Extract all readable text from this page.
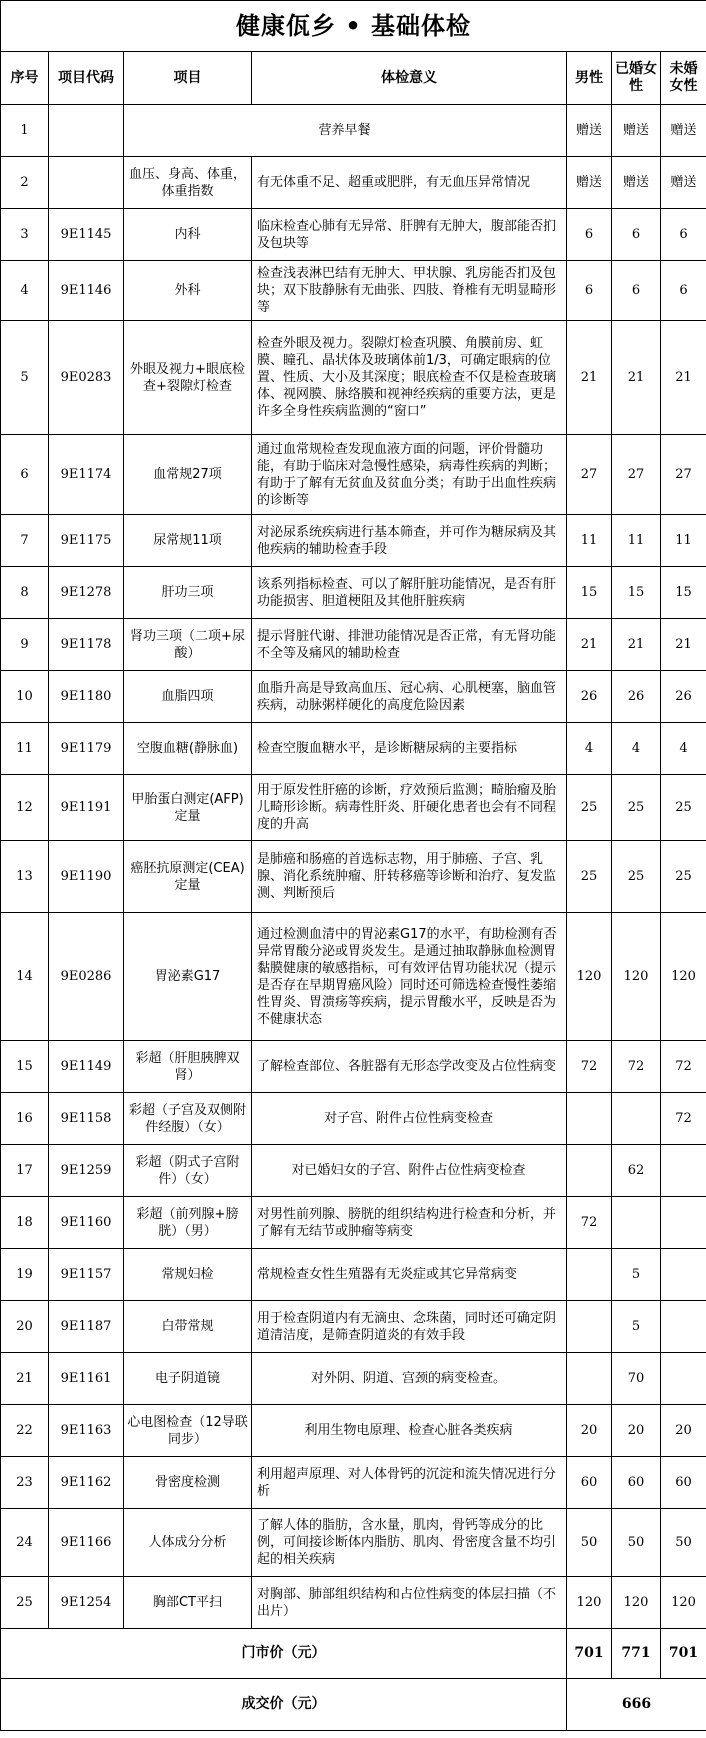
健康佤乡 • 基础体检						
序号	项目代码	项目	体检意义	男性	已婚女性	未婚女性
1		营养早餐		赠送	赠送	赠送
2		血压、身高、体重，体重指数	有无体重不足、超重或肥胖，有无血压异常情况	赠送	赠送	赠送
3	9E1145	内科	临床检查心肺有无异常、肝脾有无肿大，腹部能否扪及包块等	6	6	6
4	9E1146	外科	检查浅表淋巴结有无肿大、甲状腺、乳房能否扪及包块；双下肢静脉有无曲张、四肢、脊椎有无明显畸形等	6	6	6
5	9E0283	外眼及视力+眼底检查+裂隙灯检查	检查外眼及视力。裂隙灯检查巩膜、角膜前房、虹膜、瞳孔、晶状体及玻璃体前1/3，可确定眼病的位置、性质、大小及其深度；眼底检查不仅是检查玻璃体、视网膜、脉络膜和视神经疾病的重要方法，更是许多全身性疾病监测的“窗口”	21	21	21
6	9E1174	血常规27项	通过血常规检查发现血液方面的问题，评价骨髓功能，有助于临床对急慢性感染，病毒性疾病的判断；有助于了解有无贫血及贫血分类；有助于出血性疾病的诊断等	27	27	27
7	9E1175	尿常规11项	对泌尿系统疾病进行基本筛查，并可作为糖尿病及其他疾病的辅助检查手段	11	11	11
8	9E1278	肝功三项	该系列指标检查、可以了解肝脏功能情况，是否有肝功能损害、胆道梗阻及其他肝脏疾病	15	15	15
9	9E1178	肾功三项（二项+尿酸）	提示肾脏代谢、排泄功能情况是否正常，有无肾功能不全等及痛风的辅助检查	21	21	21
10	9E1180	血脂四项	血脂升高是导致高血压、冠心病、心肌梗塞，脑血管疾病，动脉粥样硬化的高度危险因素	26	26	26
11	9E1179	空腹血糖(静脉血)	检查空腹血糖水平，是诊断糖尿病的主要指标	4	4	4
12	9E1191	甲胎蛋白测定(AFP)定量	用于原发性肝癌的诊断，疗效预后监测；畸胎瘤及胎儿畸形诊断。病毒性肝炎、肝硬化患者也会有不同程度的升高	25	25	25
13	9E1190	癌胚抗原测定(CEA)定量	是肺癌和肠癌的首选标志物，用于肺癌、子宫、乳腺、消化系统肿瘤、肝转移癌等诊断和治疗、复发监测、判断预后	25	25	25
14	9E0286	胃泌素G17	通过检测血清中的胃泌素G17的水平，有助检测有否异常胃酸分泌或胃炎发生。是通过抽取静脉血检测胃黏膜健康的敏感指标，可有效评估胃功能状况（提示是否存在早期胃癌风险）同时还可筛选检查慢性萎缩性胃炎、胃溃疡等疾病，提示胃酸水平，反映是否为不健康状态	120	120	120
15	9E1149	彩超（肝胆胰脾双肾）	了解检查部位、各脏器有无形态学改变及占位性病变	72	72	72
16	9E1158	彩超（子宫及双侧附件经腹）（女）	对子宫、附件占位性病变检查			72
17	9E1259	彩超（阴式子宫附件）（女）	对已婚妇女的子宫、附件占位性病变检查		62	
18	9E1160	彩超（前列腺+膀胱）（男）	对男性前列腺、膀胱的组织结构进行检查和分析，并了解有无结节或肿瘤等病变	72		
19	9E1157	常规妇检	常规检查女性生殖器有无炎症或其它异常病变		5	
20	9E1187	白带常规	用于检查阴道内有无滴虫、念珠菌，同时还可确定阴道清洁度，是筛查阴道炎的有效手段		5	
21	9E1161	电子阴道镜	对外阴、阴道、宫颈的病变检查。		70	
22	9E1163	心电图检查（12导联同步）	利用生物电原理、检查心脏各类疾病	20	20	20
23	9E1162	骨密度检测	利用超声原理、对人体骨钙的沉淀和流失情况进行分析	60	60	60
24	9E1166	人体成分分析	了解人体的脂肪，含水量，肌肉，骨钙等成分的比例，可间接诊断体内脂肪、肌肉、骨密度含量不均引起的相关疾病	50	50	50
25	9E1254	胸部CT平扫	对胸部、肺部组织结构和占位性病变的体层扫描（不出片）	120	120	120
门市价（元）				701	771	701
成交价（元）				666		
